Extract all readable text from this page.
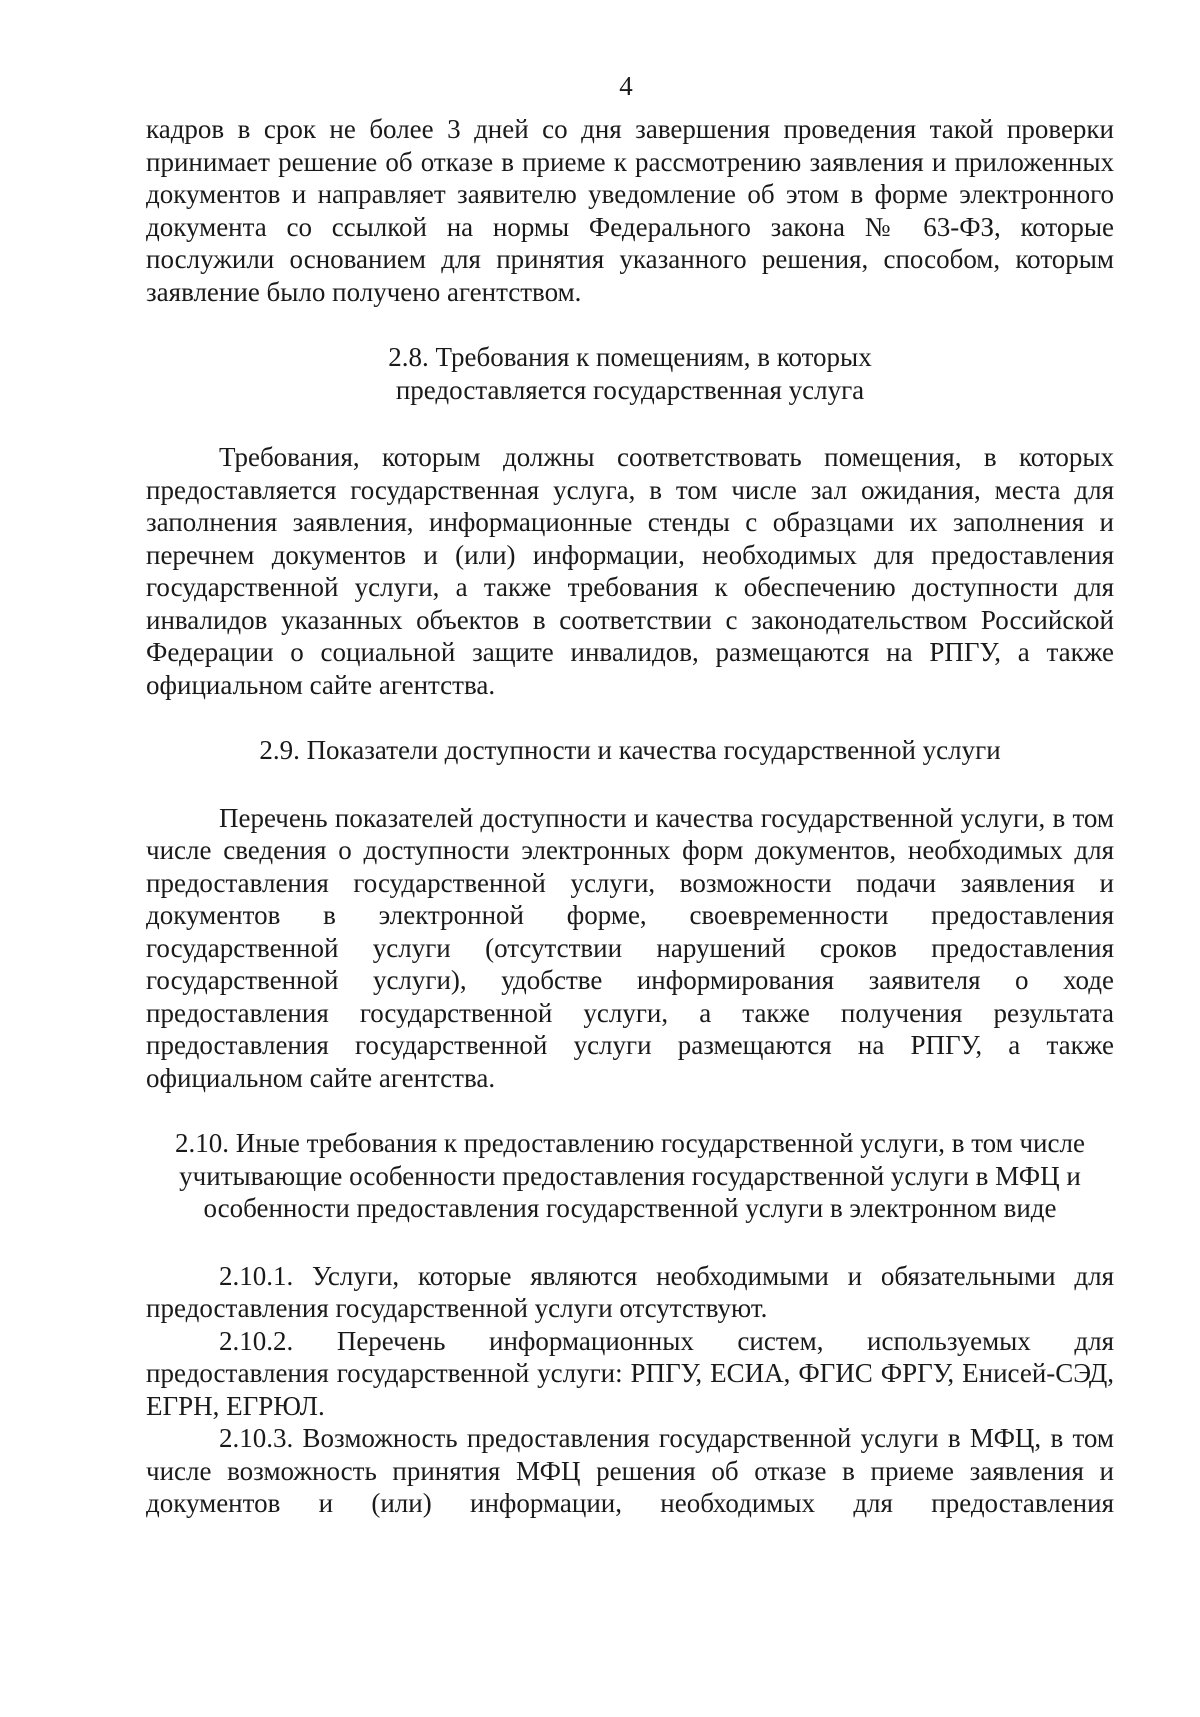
4

кадров в срок не более 3 дней со дня завершения проведения такой проверки принимает решение об отказе в приеме к рассмотрению заявления и приложенных документов и направляет заявителю уведомление об этом в форме электронного документа со ссылкой на нормы Федерального закона № 63-ФЗ, которые послужили основанием для принятия указанного решения, способом, которым заявление было получено агентством.

2.8. Требования к помещениям, в которых предоставляется государственная услуга

Требования, которым должны соответствовать помещения, в которых предоставляется государственная услуга, в том числе зал ожидания, места для заполнения заявления, информационные стенды с образцами их заполнения и перечнем документов и (или) информации, необходимых для предоставления государственной услуги, а также требования к обеспечению доступности для инвалидов указанных объектов в соответствии с законодательством Российской Федерации о социальной защите инвалидов, размещаются на РПГУ, а также официальном сайте агентства.

2.9. Показатели доступности и качества государственной услуги

Перечень показателей доступности и качества государственной услуги, в том числе сведения о доступности электронных форм документов, необходимых для предоставления государственной услуги, возможности подачи заявления и документов в электронной форме, своевременности предоставления государственной услуги (отсутствии нарушений сроков предоставления государственной услуги), удобстве информирования заявителя о ходе предоставления государственной услуги, а также получения результата предоставления государственной услуги размещаются на РПГУ, а также официальном сайте агентства.

2.10. Иные требования к предоставлению государственной услуги, в том числе учитывающие особенности предоставления государственной услуги в МФЦ и особенности предоставления государственной услуги в электронном виде

2.10.1. Услуги, которые являются необходимыми и обязательными для предоставления государственной услуги отсутствуют.

2.10.2. Перечень информационных систем, используемых для предоставления государственной услуги: РПГУ, ЕСИА, ФГИС ФРГУ, Енисей-СЭД, ЕГРН, ЕГРЮЛ.

2.10.3. Возможность предоставления государственной услуги в МФЦ, в том числе возможность принятия МФЦ решения об отказе в приеме заявления и документов и (или) информации, необходимых для предоставления
